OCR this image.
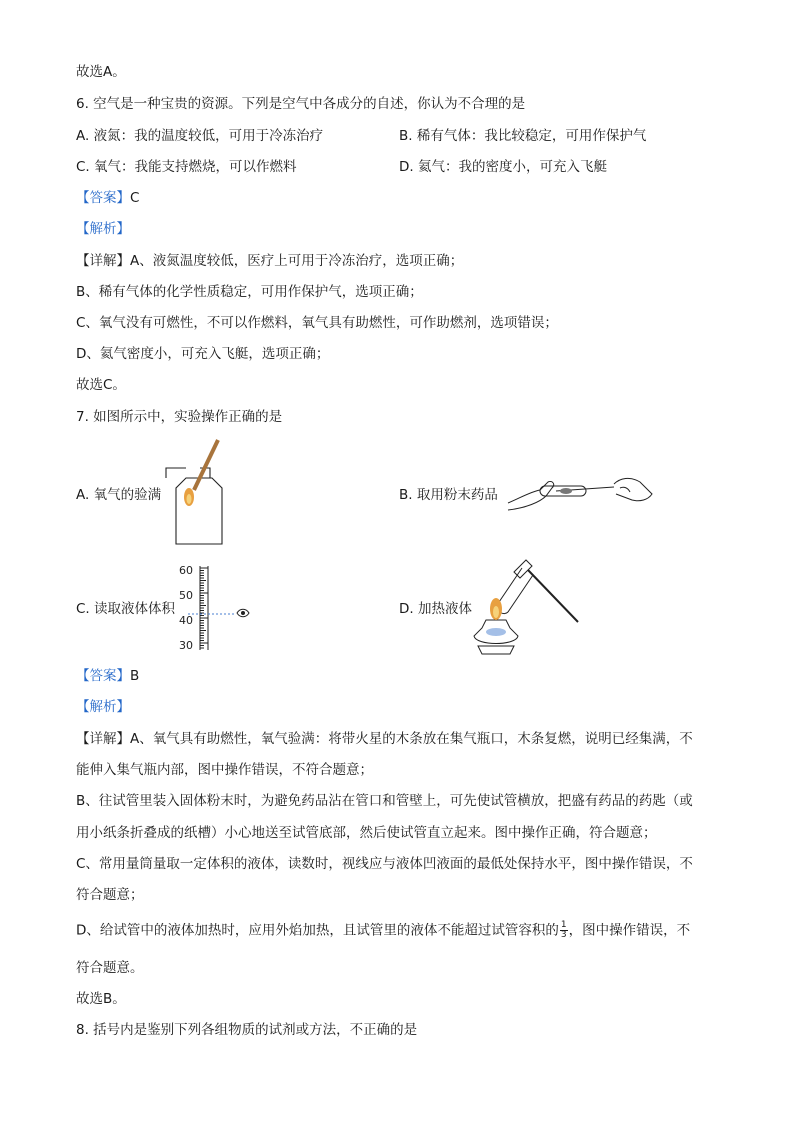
故选A。
6. 空气是一种宝贵的资源。下列是空气中各成分的自述，你认为不合理的是
A. 液氮：我的温度较低，可用于冷冻治疗	B. 稀有气体：我比较稳定，可用作保护气
C. 氧气：我能支持燃烧，可以作燃料	D. 氦气：我的密度小，可充入飞艇
【答案】C
【解析】
【详解】A、液氮温度较低，医疗上可用于冷冻治疗，选项正确；
B、稀有气体的化学性质稳定，可用作保护气，选项正确；
C、氧气没有可燃性，不可以作燃料，氧气具有助燃性，可作助燃剂，选项错误；
D、氦气密度小，可充入飞艇，选项正确；
故选C。
7. 如图所示中，实验操作正确的是
A. 氧气的验满	B. 取用粉末药品
C. 读取液体体积
60
50
40
30
D. 加热液体
【答案】B
【解析】
【详解】A、氧气具有助燃性，氧气验满：将带火星的木条放在集气瓶口，木条复燃，说明已经集满，不
能伸入集气瓶内部，图中操作错误，不符合题意；
B、往试管里装入固体粉末时，为避免药品沾在管口和管壁上，可先使试管横放，把盛有药品的药匙（或
用小纸条折叠成的纸槽）小心地送至试管底部，然后使试管直立起来。图中操作正确，符合题意；
C、常用量筒量取一定体积的液体，读数时，视线应与液体凹液面的最低处保持水平，图中操作错误，不
符合题意；
D、给试管中的液体加热时，应用外焰加热，且试管里的液体不能超过试管容积的 $\frac{1}{3}$ ，图中操作错误，不
符合题意。
故选B。
8. 括号内是鉴别下列各组物质的试剂或方法，不正确的是
